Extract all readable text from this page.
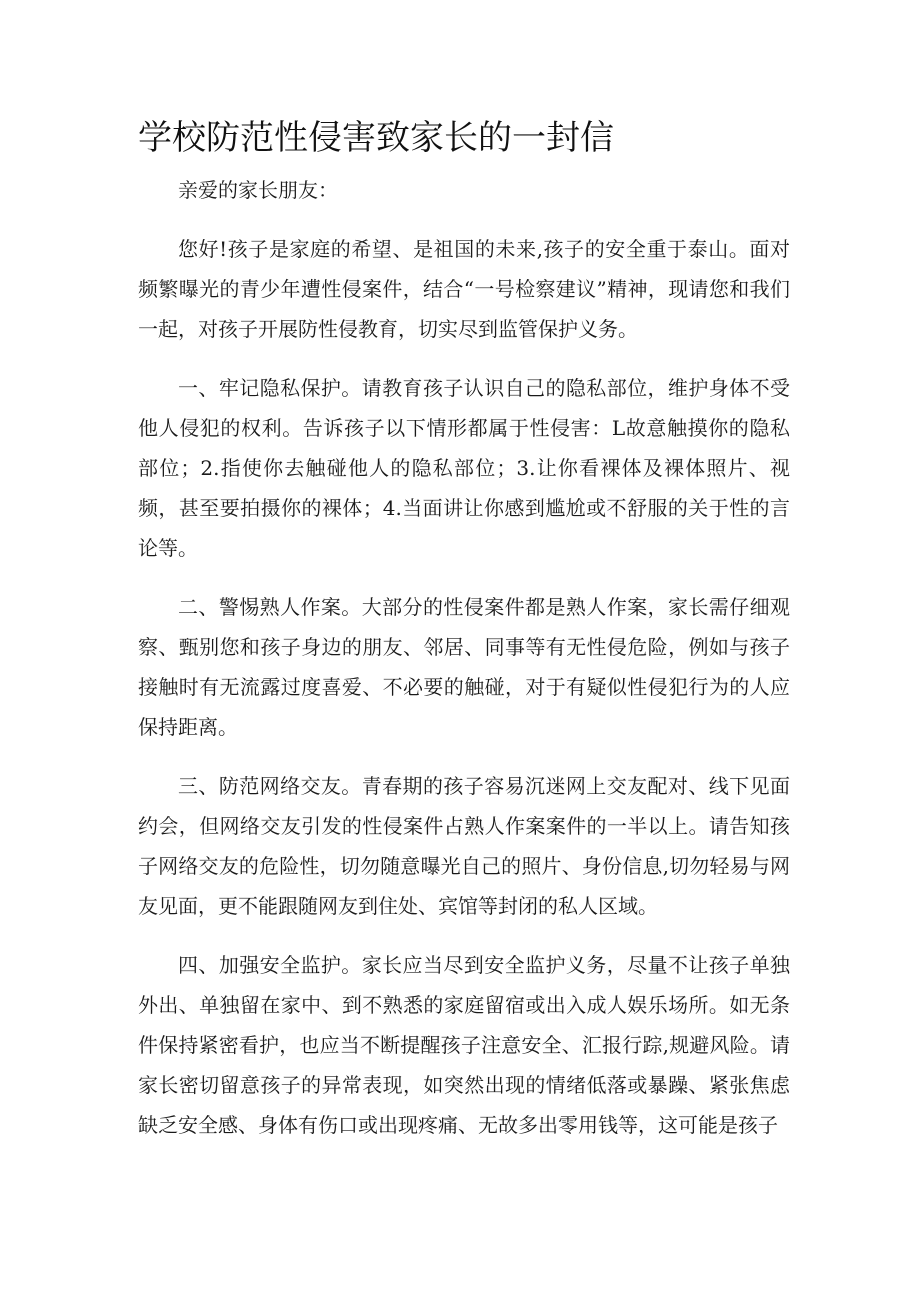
学校防范性侵害致家长的一封信

亲爱的家长朋友：

您好!孩子是家庭的希望、是祖国的未来,孩子的安全重于泰山。面对频繁曝光的青少年遭性侵案件，结合“一号检察建议”精神，现请您和我们一起，对孩子开展防性侵教育，切实尽到监管保护义务。

一、牢记隐私保护。请教育孩子认识自己的隐私部位，维护身体不受他人侵犯的权利。告诉孩子以下情形都属于性侵害：L故意触摸你的隐私部位；2.指使你去触碰他人的隐私部位；3.让你看裸体及裸体照片、视频，甚至要拍摄你的裸体；4.当面讲让你感到尴尬或不舒服的关于性的言论等。

二、警惕熟人作案。大部分的性侵案件都是熟人作案，家长需仔细观察、甄别您和孩子身边的朋友、邻居、同事等有无性侵危险，例如与孩子接触时有无流露过度喜爱、不必要的触碰，对于有疑似性侵犯行为的人应保持距离。

三、防范网络交友。青春期的孩子容易沉迷网上交友配对、线下见面约会，但网络交友引发的性侵案件占熟人作案案件的一半以上。请告知孩子网络交友的危险性，切勿随意曝光自己的照片、身份信息,切勿轻易与网友见面，更不能跟随网友到住处、宾馆等封闭的私人区域。

四、加强安全监护。家长应当尽到安全监护义务，尽量不让孩子单独外出、单独留在家中、到不熟悉的家庭留宿或出入成人娱乐场所。如无条件保持紧密看护，也应当不断提醒孩子注意安全、汇报行踪,规避风险。请家长密切留意孩子的异常表现，如突然出现的情绪低落或暴躁、紧张焦虑缺乏安全感、身体有伤口或出现疼痛、无故多出零用钱等，这可能是孩子
